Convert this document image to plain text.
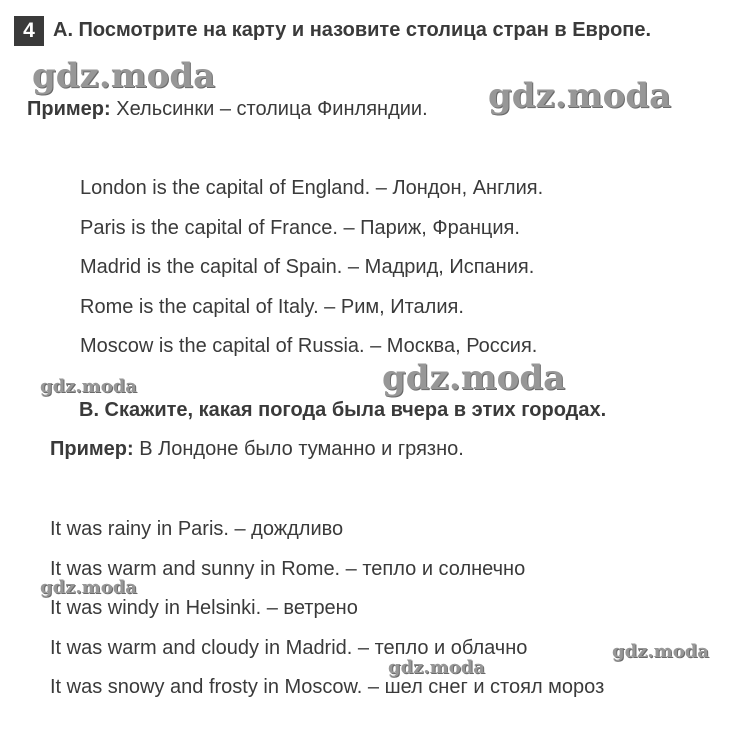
4 А. Посмотрите на карту и назовите столица стран в Европе.
Пример: Хельсинки – столица Финляндии.
London is the capital of England. – Лондон, Англия.
Paris is the capital of France. – Париж, Франция.
Madrid is the capital of Spain. – Мадрид, Испания.
Rome is the capital of Italy. – Рим, Италия.
Moscow is the capital of Russia. – Москва, Россия.
В. Скажите, какая погода была вчера в этих городах.
Пример: В Лондоне было туманно и грязно.
It was rainy in Paris. – дождливо
It was warm and sunny in Rome. – тепло и солнечно
It was windy in Helsinki. – ветрено
It was warm and cloudy in Madrid. – тепло и облачно
It was snowy and frosty in Moscow. – шел снег и стоял мороз
gdz.moda	gdz.moda
gdz.moda
gdz.moda
gdz.moda
gdz.moda
gdz.moda
